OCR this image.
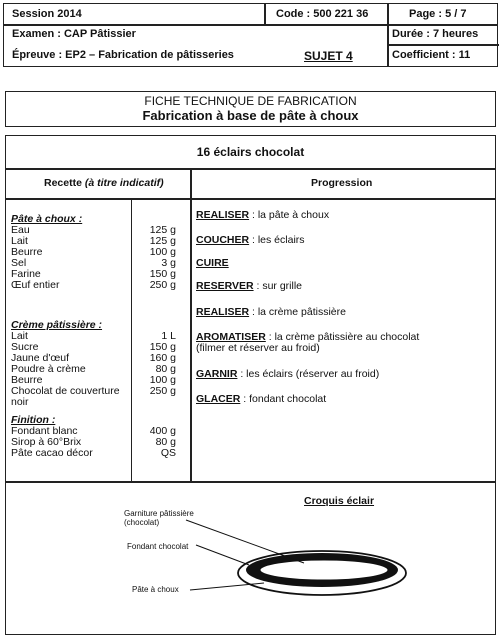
Session 2014	Code : 500 221 36	Page : 5 / 7
Examen : CAP Pâtissier	Durée : 7 heures
Épreuve : EP2 – Fabrication de pâtisseries	SUJET 4	Coefficient : 11
FICHE TECHNIQUE DE FABRICATION
Fabrication à base de pâte à choux
16 éclairs chocolat
Recette (à titre indicatif)	Progression
Croquis éclair
Garniture pâtissière
(chocolat)
Fondant chocolat
Pâte à choux
Pâte à choux :
Eau	125 g
Lait	125 g
Beurre	100 g
Sel	3 g
Farine	150 g
Œuf entier	250 g
Crème pâtissière :
Lait	1 L
Sucre	150 g
Jaune d'œuf	160 g
Poudre à crème	80 g
Beurre	100 g
Chocolat de couverture	250 g
noir
Finition :
Fondant blanc	400 g
Sirop à 60°Brix	80 g
Pâte cacao décor	QS
REALISER : la pâte à choux
COUCHER : les éclairs
CUIRE
RESERVER : sur grille
REALISER : la crème pâtissière
AROMATISER : la crème pâtissière au chocolat
(filmer et réserver au froid)
GARNIR : les éclairs (réserver au froid)
GLACER : fondant chocolat
